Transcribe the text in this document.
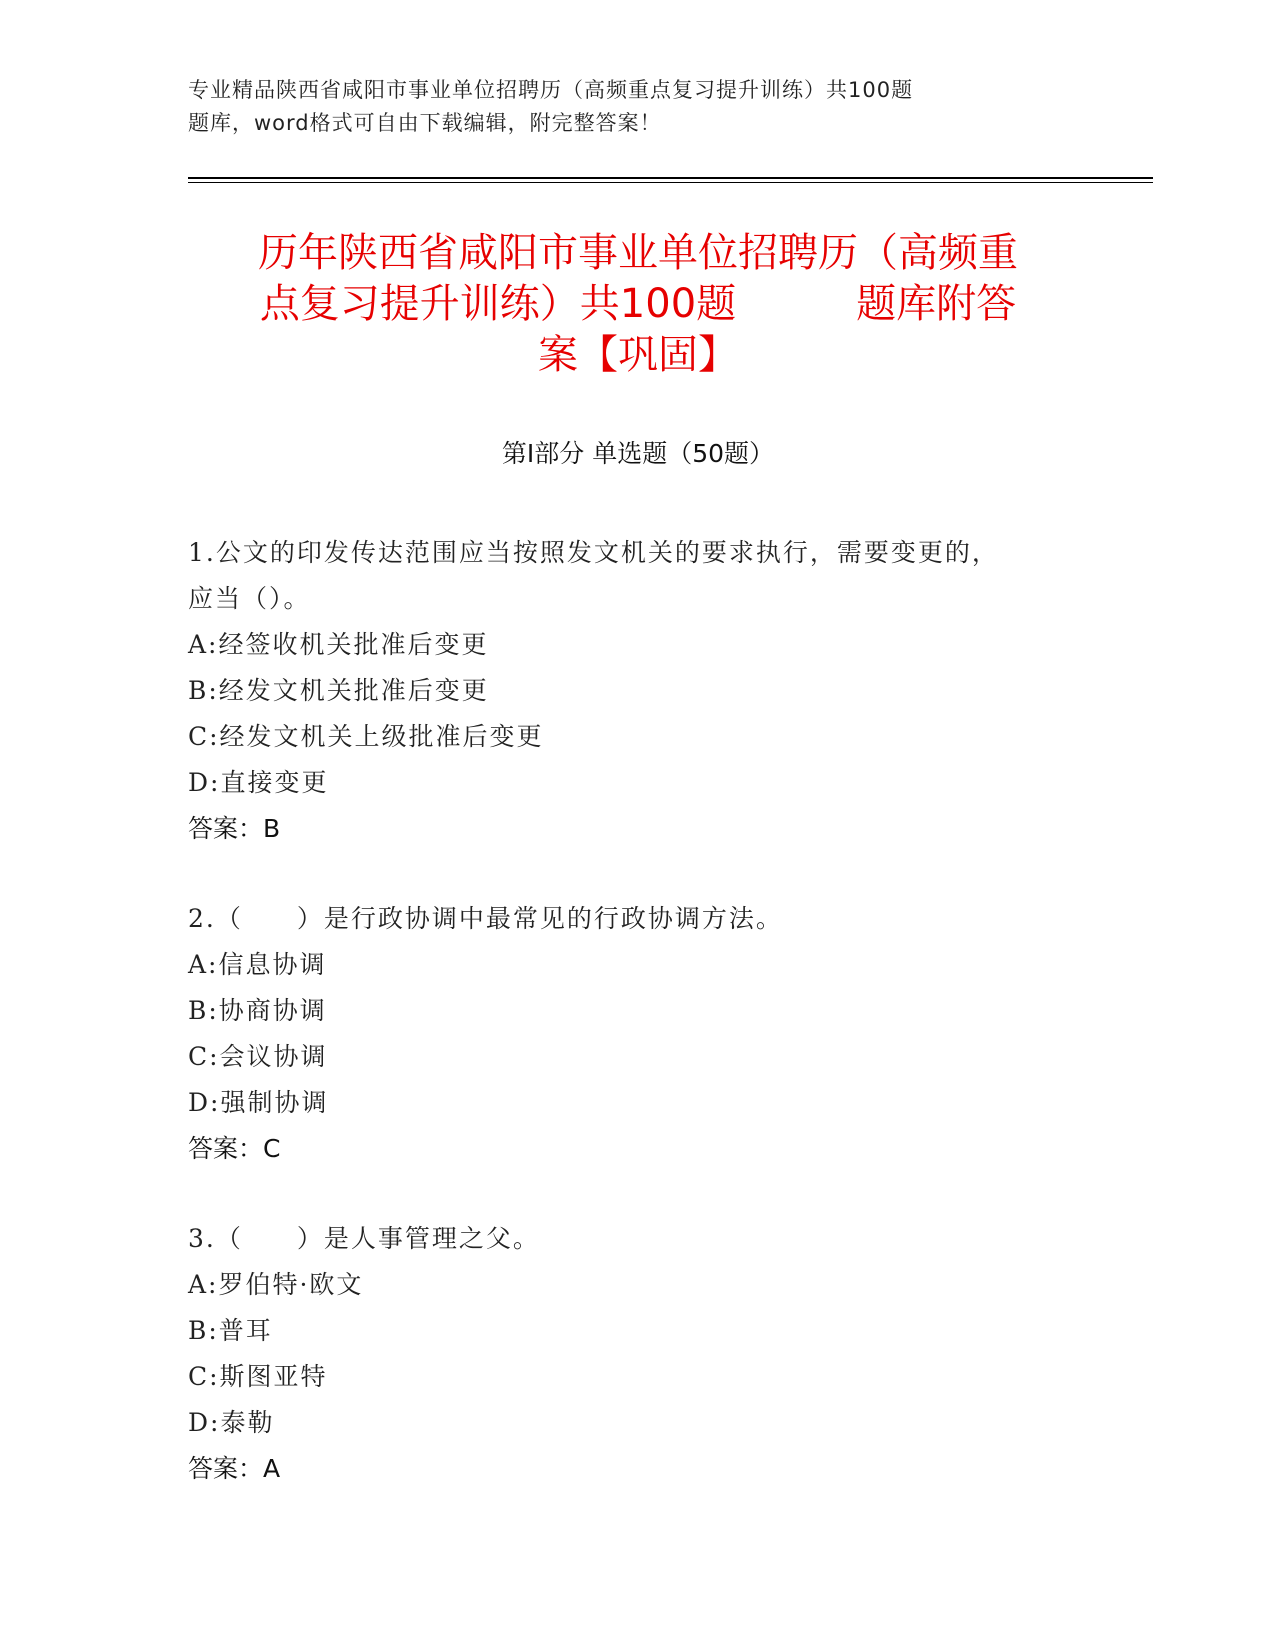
专业精品陕西省咸阳市事业单位招聘历（高频重点复习提升训练）共100题
题库，word格式可自由下载编辑，附完整答案！
历年陕西省咸阳市事业单位招聘历（高频重
点复习提升训练）共100题　　　题库附答
案【巩固】
第I部分 单选题（50题）
1.公文的印发传达范围应当按照发文机关的要求执行，需要变更的，
应当（）。
A:经签收机关批准后变更
B:经发文机关批准后变更
C:经发文机关上级批准后变更
D:直接变更
答案：B
2.（　　）是行政协调中最常见的行政协调方法。
A:信息协调
B:协商协调
C:会议协调
D:强制协调
答案：C
3.（　　）是人事管理之父。
A:罗伯特·欧文
B:普耳
C:斯图亚特
D:泰勒
答案：A
